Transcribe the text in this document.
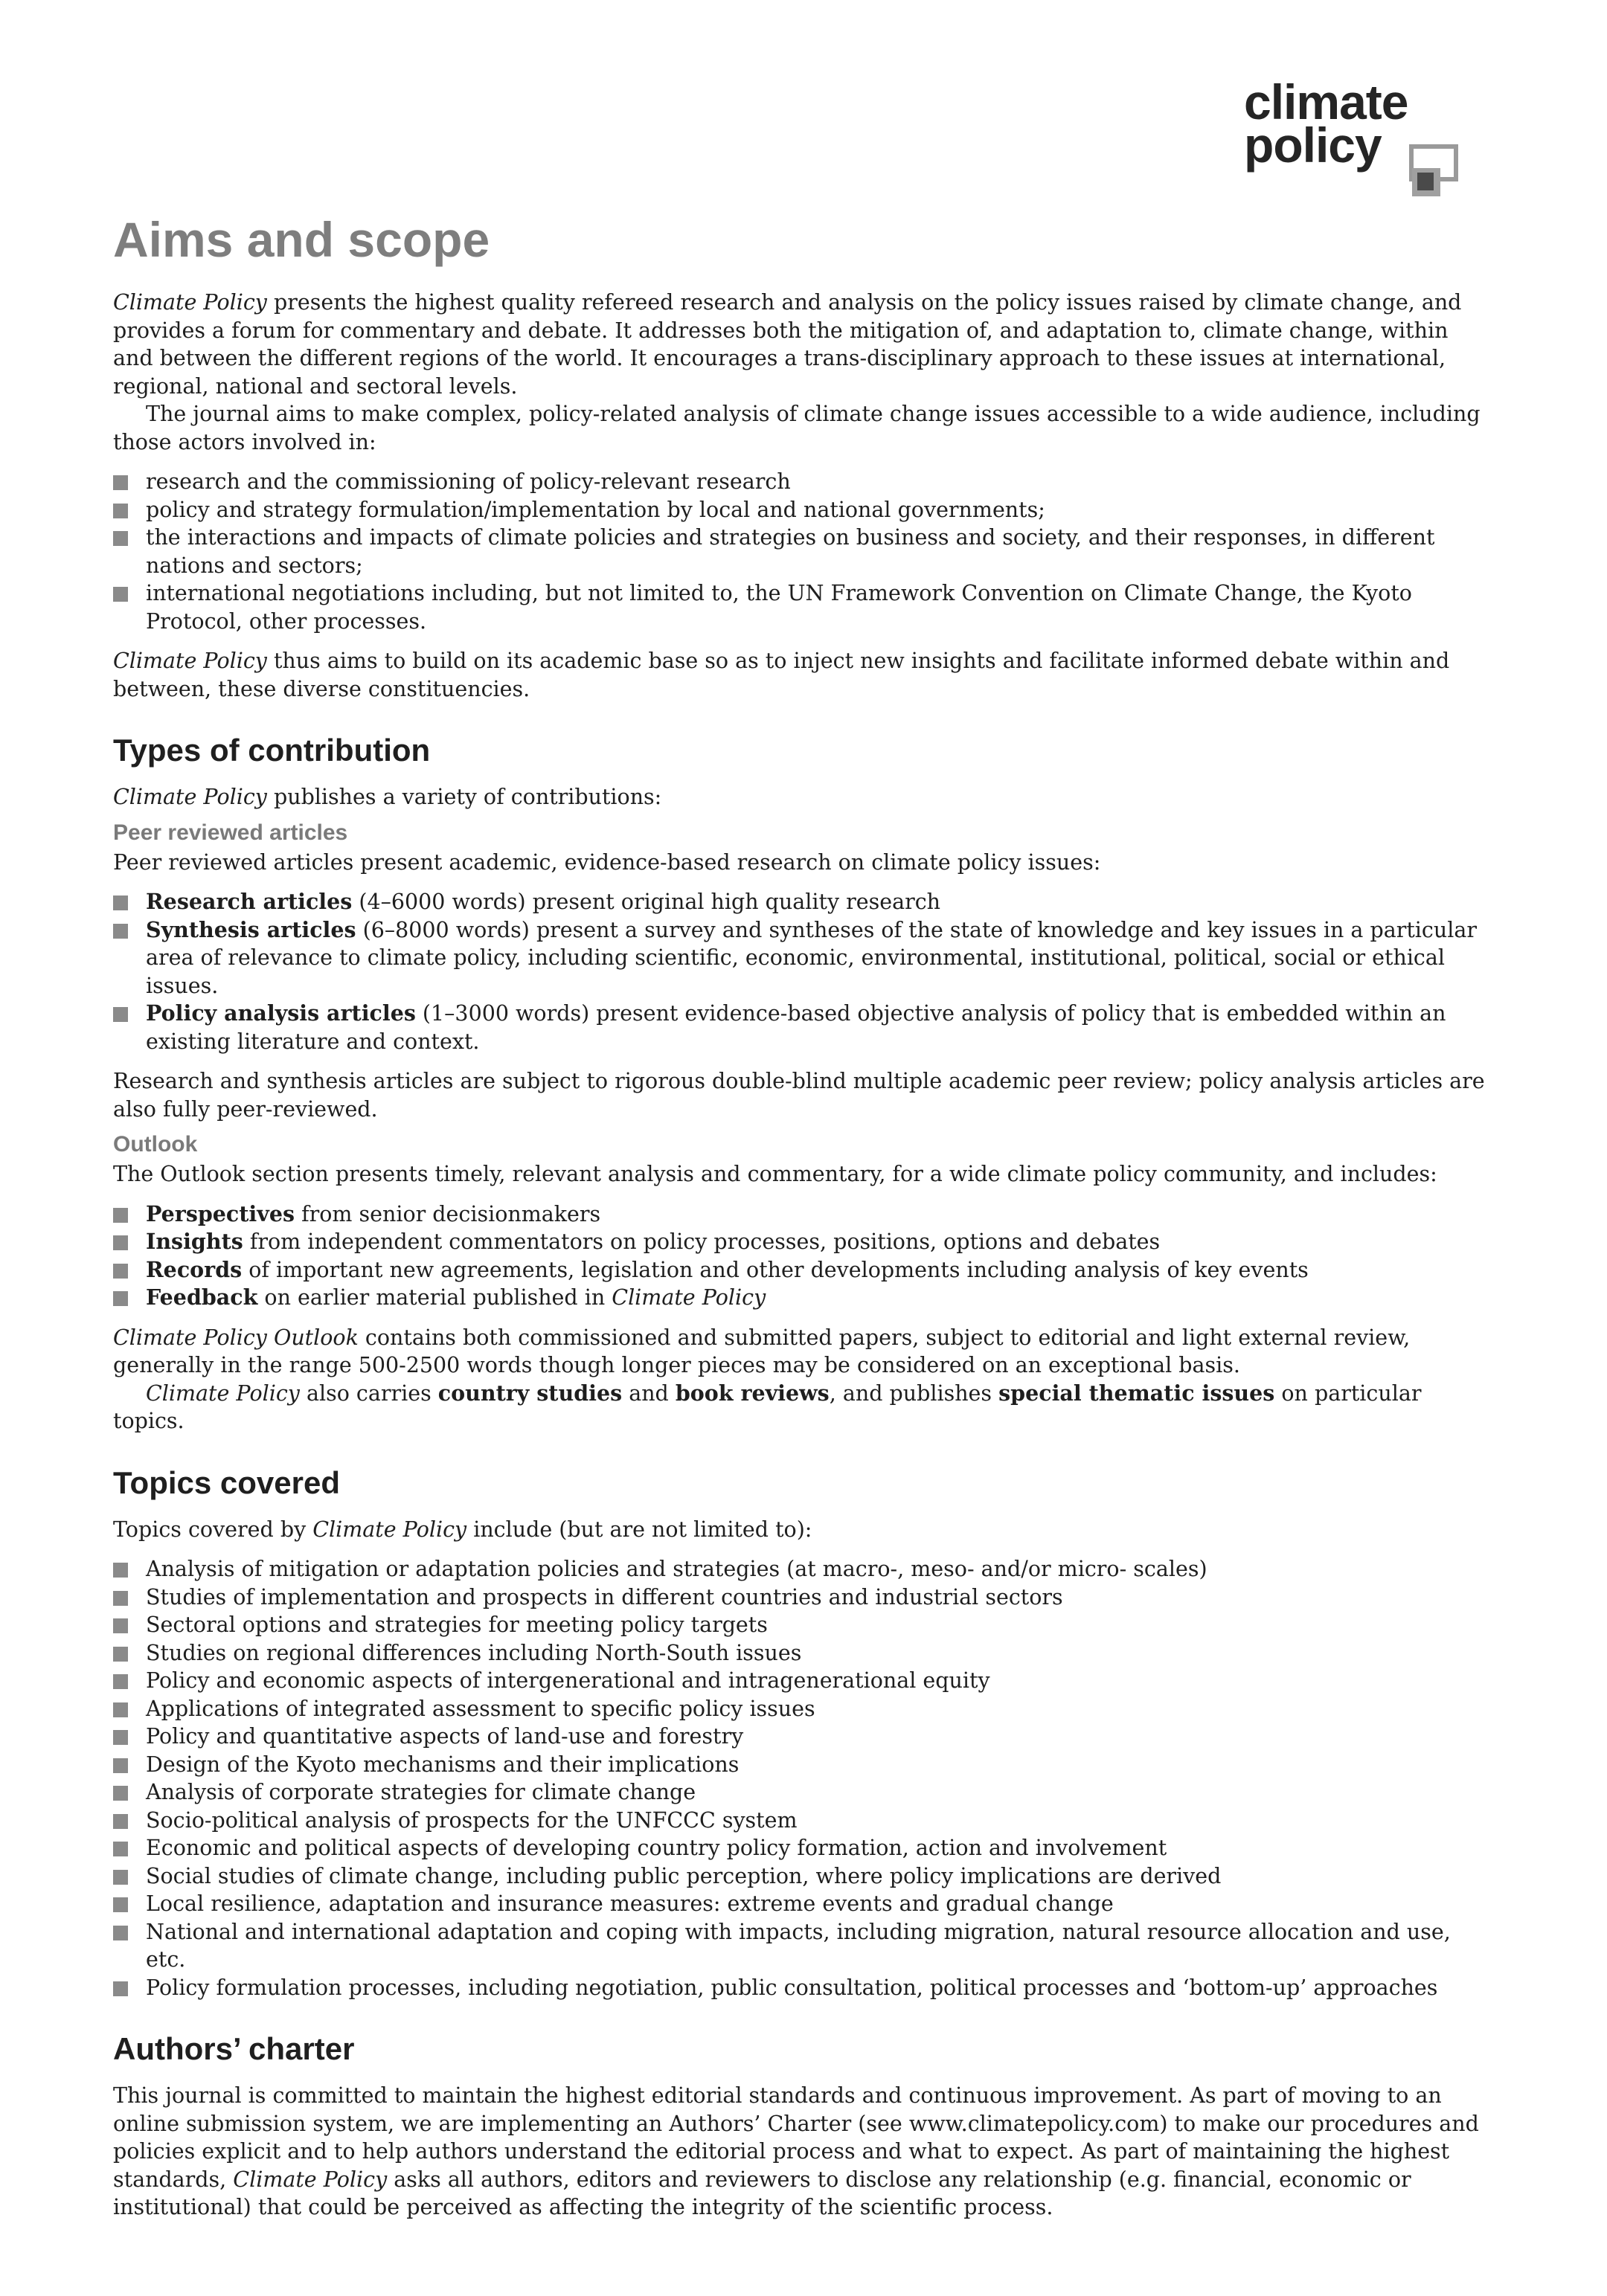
climate
policy
Aims and scope

Climate Policy presents the highest quality refereed research and analysis on the policy issues raised by climate change, and provides a forum for commentary and debate. It addresses both the mitigation of, and adaptation to, climate change, within and between the different regions of the world. It encourages a trans-disciplinary approach to these issues at international, regional, national and sectoral levels.

The journal aims to make complex, policy-related analysis of climate change issues accessible to a wide audience, including those actors involved in:

research and the commissioning of policy-relevant research
policy and strategy formulation/implementation by local and national governments;
the interactions and impacts of climate policies and strategies on business and society, and their responses, in different nations and sectors;
international negotiations including, but not limited to, the UN Framework Convention on Climate Change, the Kyoto Protocol, other processes.

Climate Policy thus aims to build on its academic base so as to inject new insights and facilitate informed debate within and between, these diverse constituencies.

Types of contribution

Climate Policy publishes a variety of contributions:

Peer reviewed articles

Peer reviewed articles present academic, evidence-based research on climate policy issues:

Research articles (4–6000 words) present original high quality research
Synthesis articles (6–8000 words) present a survey and syntheses of the state of knowledge and key issues in a particular area of relevance to climate policy, including scientific, economic, environmental, institutional, political, social or ethical issues.
Policy analysis articles (1–3000 words) present evidence-based objective analysis of policy that is embedded within an existing literature and context.

Research and synthesis articles are subject to rigorous double-blind multiple academic peer review; policy analysis articles are also fully peer-reviewed.

Outlook

The Outlook section presents timely, relevant analysis and commentary, for a wide climate policy community, and includes:

Perspectives from senior decisionmakers
Insights from independent commentators on policy processes, positions, options and debates
Records of important new agreements, legislation and other developments including analysis of key events
Feedback on earlier material published in Climate Policy

Climate Policy Outlook contains both commissioned and submitted papers, subject to editorial and light external review, generally in the range 500-2500 words though longer pieces may be considered on an exceptional basis.

Climate Policy also carries country studies and book reviews, and publishes special thematic issues on particular topics.

Topics covered

Topics covered by Climate Policy include (but are not limited to):

Analysis of mitigation or adaptation policies and strategies (at macro-, meso- and/or micro- scales)
Studies of implementation and prospects in different countries and industrial sectors
Sectoral options and strategies for meeting policy targets
Studies on regional differences including North-South issues
Policy and economic aspects of intergenerational and intragenerational equity
Applications of integrated assessment to specific policy issues
Policy and quantitative aspects of land-use and forestry
Design of the Kyoto mechanisms and their implications
Analysis of corporate strategies for climate change
Socio-political analysis of prospects for the UNFCCC system
Economic and political aspects of developing country policy formation, action and involvement
Social studies of climate change, including public perception, where policy implications are derived
Local resilience, adaptation and insurance measures: extreme events and gradual change
National and international adaptation and coping with impacts, including migration, natural resource allocation and use, etc.
Policy formulation processes, including negotiation, public consultation, political processes and ‘bottom-up’ approaches
Authors’ charter

This journal is committed to maintain the highest editorial standards and continuous improvement. As part of moving to an online submission system, we are implementing an Authors’ Charter (see www.climatepolicy.com) to make our procedures and policies explicit and to help authors understand the editorial process and what to expect. As part of maintaining the highest standards, Climate Policy asks all authors, editors and reviewers to disclose any relationship (e.g. financial, economic or institutional) that could be perceived as affecting the integrity of the scientific process.
